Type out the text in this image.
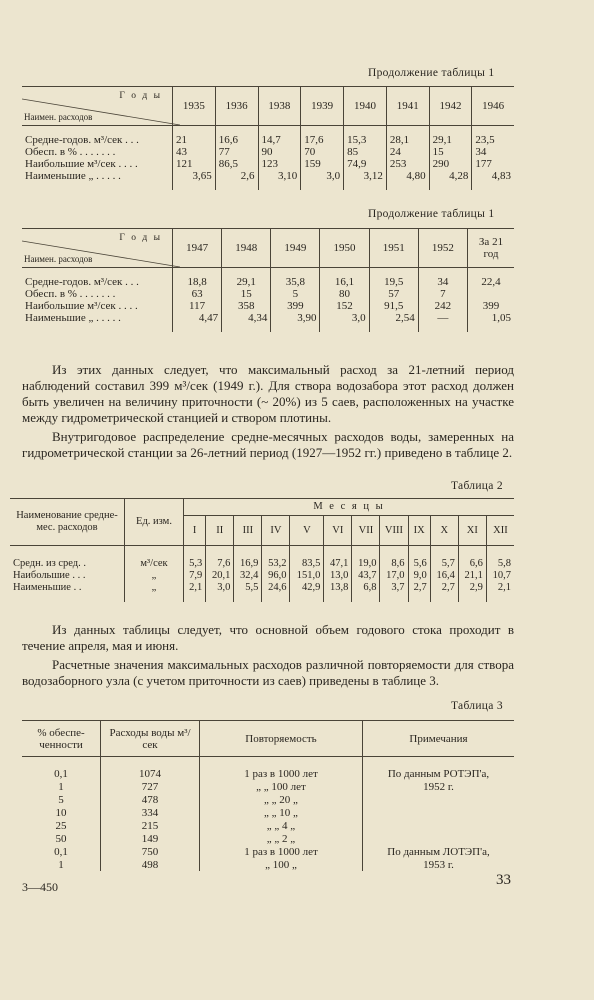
Продолжение таблицы 1
Г о д ы
Наимен. расходов	1935	1936	1938	1939	1940	1941	1942	1946

Средне-годов. м³/сек . . .	21	16,6	14,7	17,6	15,3	28,1	29,1	23,5
Обесп. в % . . . . . . .	43	77	90	70	85	24	15	34
Наибольшие м³/сек . . . .	121	86,5	123	159	74,9	253	290	177
Наименьшие „ . . . . .	3,65	2,6	3,10	3,0	3,12	4,80	4,28	4,83

Продолжение таблицы 1
Г о д ы
Наимен. расходов	1947	1948	1949	1950	1951	1952	За 21 год

Средне-годов. м³/сек . . .	18,8	29,1	35,8	16,1	19,5	34	22,4
Обесп. в % . . . . . . .	63	15	5	80	57	7	
Наибольшие м³/сек . . . .	117	358	399	152	91,5	242	399
Наименьшие „ . . . . .	4,47	4,34	3,90	3,0	2,54	—	1,05

Из этих данных следует, что максимальный расход за 21-летний период наблюдений составил 399 м³/сек (1949 г.). Для створа водозабора этот расход должен быть увеличен на величину приточности (~ 20%) из 5 саев, расположенных на участке между гидрометрической станцией и створом плотины.

Внутригодовое распределение средне-месячных расходов воды, замеренных на гидрометрической станции за 26-летний период (1927—1952 гг.) приведено в таблице 2.

Таблица 2
Наименование средне-мес. расходов	Ед. изм.	М е с я ц ы											
		I	II	III	IV	V	VI	VII	VIII	IX	X	XI	XII

Средн. из сред. .	м³/сек	5,3	7,6	16,9	53,2	83,5	47,1	19,0	8,6	5,6	5,7	6,6	5,8
Наибольшие . . .	„	7,9	20,1	32,4	96,0	151,0	13,0	43,7	17,0	9,0	16,4	21,1	10,7
Наименьшие . .	„	2,1	3,0	5,5	24,6	42,9	13,8	6,8	3,7	2,7	2,7	2,9	2,1

Из данных таблицы следует, что основной объем годового стока проходит в течение апреля, мая и июня.

Расчетные значения максимальных расходов различной повторяемости для створа водозаборного узла (с учетом приточности из саев) приведены в таблице 3.

Таблица 3
% обеспе-ченности	Расходы воды м³/сек	Повторяемость	Примечания

0,1	1074	1 раз в 1000 лет	По данным РОТЭП'а,
1	727	„ „ 100 лет	1952 г.
5	478	„ „ 20 „	
10	334	„ „ 10 „	
25	215	„ „ 4 „	
50	149	„ „ 2 „	
0,1	750	1 раз в 1000 лет	По данным ЛОТЭП'а,
1	498	„ 100 „	1953 г.
3—450	33
